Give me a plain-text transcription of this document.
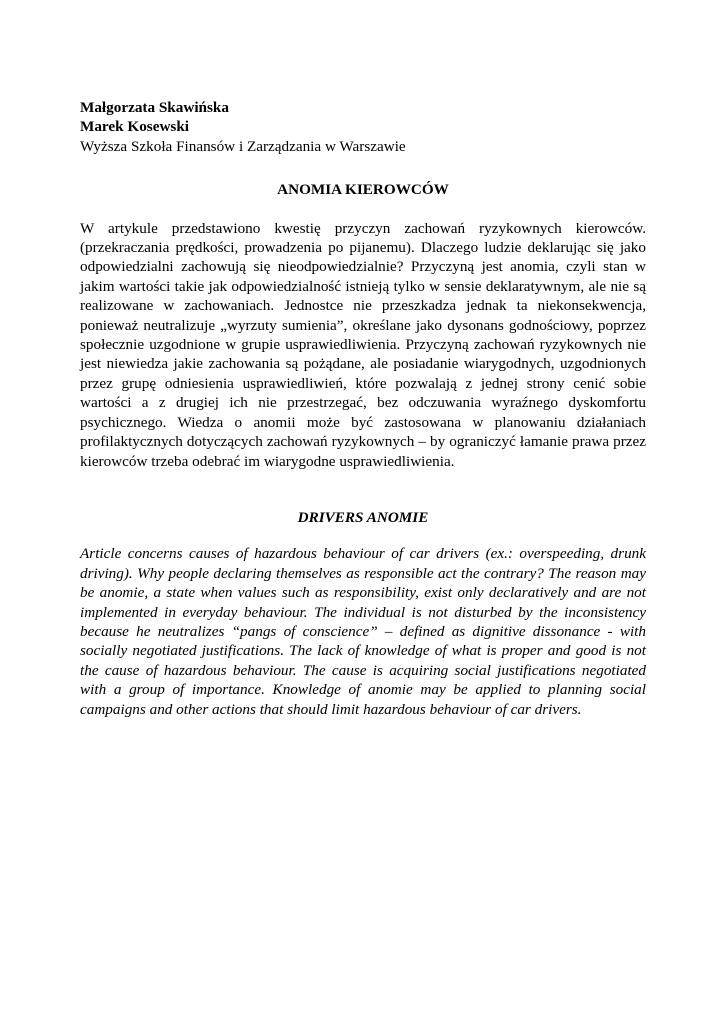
Małgorzata Skawińska
Marek Kosewski
Wyższa Szkoła Finansów i Zarządzania w Warszawie

ANOMIA KIEROWCÓW

W artykule przedstawiono kwestię przyczyn zachowań ryzykownych kierowców. (przekraczania prędkości, prowadzenia po pijanemu). Dlaczego ludzie deklarując się jako odpowiedzialni zachowują się nieodpowiedzialnie? Przyczyną jest anomia, czyli stan w jakim wartości takie jak odpowiedzialność istnieją tylko w sensie deklaratywnym, ale nie są realizowane w zachowaniach. Jednostce nie przeszkadza jednak ta niekonsekwencja, ponieważ neutralizuje „wyrzuty sumienia”, określane jako dysonans godnościowy, poprzez społecznie uzgodnione w grupie usprawiedliwienia. Przyczyną zachowań ryzykownych nie jest niewiedza jakie zachowania są pożądane, ale posiadanie wiarygodnych, uzgodnionych przez grupę odniesienia usprawiedliwień, które pozwalają z jednej strony cenić sobie wartości a z drugiej ich nie przestrzegać, bez odczuwania wyraźnego dyskomfortu psychicznego. Wiedza o anomii może być zastosowana w planowaniu działaniach profilaktycznych dotyczących zachowań ryzykownych – by ograniczyć łamanie prawa przez kierowców trzeba odebrać im wiarygodne usprawiedliwienia.

DRIVERS ANOMIE

Article concerns causes of hazardous behaviour of car drivers (ex.: overspeeding, drunk driving). Why people declaring themselves as responsible act the contrary? The reason may be anomie, a state when values such as responsibility, exist only declaratively and are not implemented in everyday behaviour. The individual is not disturbed by the inconsistency because he neutralizes “pangs of conscience” – defined as dignitive dissonance - with socially negotiated justifications. The lack of knowledge of what is proper and good is not the cause of hazardous behaviour. The cause is acquiring social justifications negotiated with a group of importance. Knowledge of anomie may be applied to planning social campaigns and other actions that should limit hazardous behaviour of car drivers.
